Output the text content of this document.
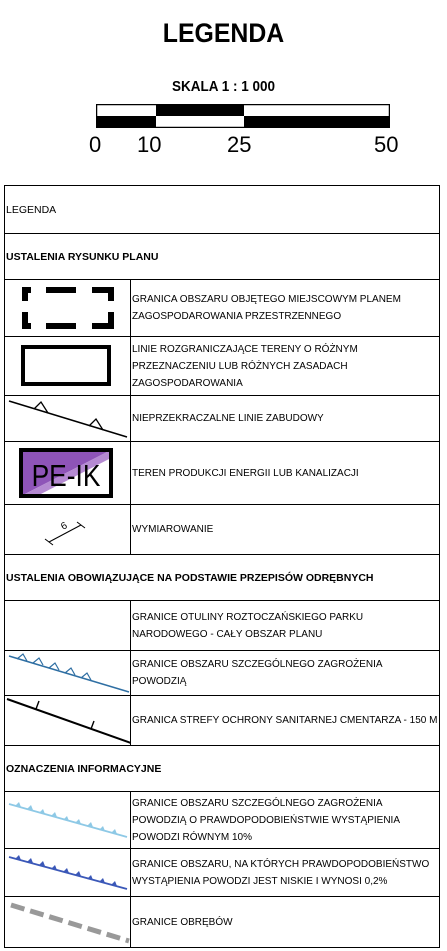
LEGENDA
SKALA 1 : 1 000
0 10	25	50
LEGENDA	
USTALENIA RYSUNKU PLANU	

	GRANICA OBSZARU OBJĘTEGO MIEJSCOWYM PLANEM ZAGOSPODAROWANIA PRZESTRZENNEGO

	LINIE ROZGRANICZAJĄCE TERENY O RÓŻNYM PRZEZNACZENIU LUB RÓŻNYCH ZASADACH ZAGOSPODAROWANIA

	NIEPRZEKRACZALNE LINIE ZABUDOWY

PE-IK	TEREN PRODUKCJI ENERGII LUB KANALIZACJI

6	WYMIAROWANIE
USTALENIA OBOWIĄZUJĄCE NA PODSTAWIE PRZEPISÓW ODRĘBNYCH	
	GRANICE OTULINY ROZTOCZAŃSKIEGO PARKU NARODOWEGO - CAŁY OBSZAR PLANU

	GRANICE OBSZARU SZCZEGÓLNEGO ZAGROŻENIA POWODZIĄ

	GRANICA STREFY OCHRONY SANITARNEJ CMENTARZA - 150 M
OZNACZENIA INFORMACYJNE	

	GRANICE OBSZARU SZCZEGÓLNEGO ZAGROŻENIA POWODZIĄ O PRAWDOPODOBIEŃSTWIE WYSTĄPIENIA POWODZI RÓWNYM 10%

	GRANICE OBSZARU, NA KTÓRYCH PRAWDOPODOBIEŃSTWO WYSTĄPIENIA POWODZI JEST NISKIE I WYNOSI 0,2%

	GRANICE OBRĘBÓW
